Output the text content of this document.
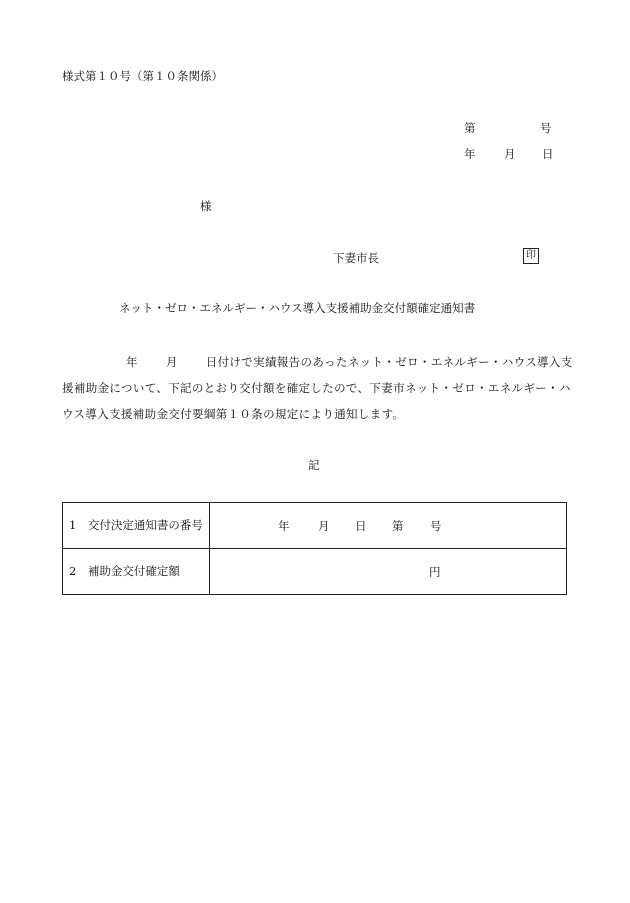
様式第１０号（第１０条関係）
第	号
年 月 日
様
下妻市長	印
ネット・ゼロ・エネルギー・ハウス導入支援補助金交付額確定通知書

年 月 日付けで実績報告のあったネット・ゼロ・エネルギー・ハウス導入支援補助金について、下記のとおり交付額を確定したので、下妻市ネット・ゼロ・エネルギー・ハウス導入支援補助金交付要綱第１０条の規定により通知します。

記
1　交付決定通知書の番号	年 月 日 第 号

2　補助金交付確定額	円
